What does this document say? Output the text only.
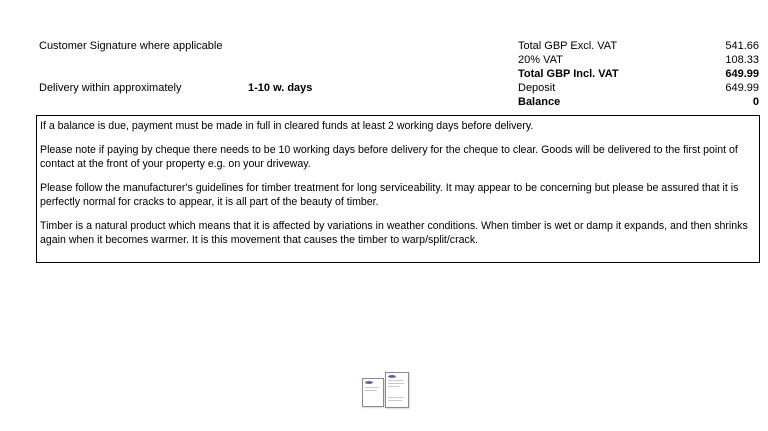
Customer Signature where applicable
Delivery within approximately	1-10 w. days
Total GBP Excl. VAT	541.66
20% VAT	108.33
Total GBP Incl. VAT	649.99
Deposit	649.99
Balance	0

If a balance is due, payment must be made in full in cleared funds at least 2 working days before delivery.

Please note if paying by cheque there needs to be 10 working days before delivery for the cheque to clear. Goods will be delivered to the first point of contact at the front of your property e.g. on your driveway.

Please follow the manufacturer's guidelines for timber treatment for long serviceability. It may appear to be concerning but please be assured that it is perfectly normal for cracks to appear, it is all part of the beauty of timber.

Timber is a natural product which means that it is affected by variations in weather conditions. When timber is wet or damp it expands, and then shrinks again when it becomes warmer. It is this movement that causes the timber to warp/split/crack.
